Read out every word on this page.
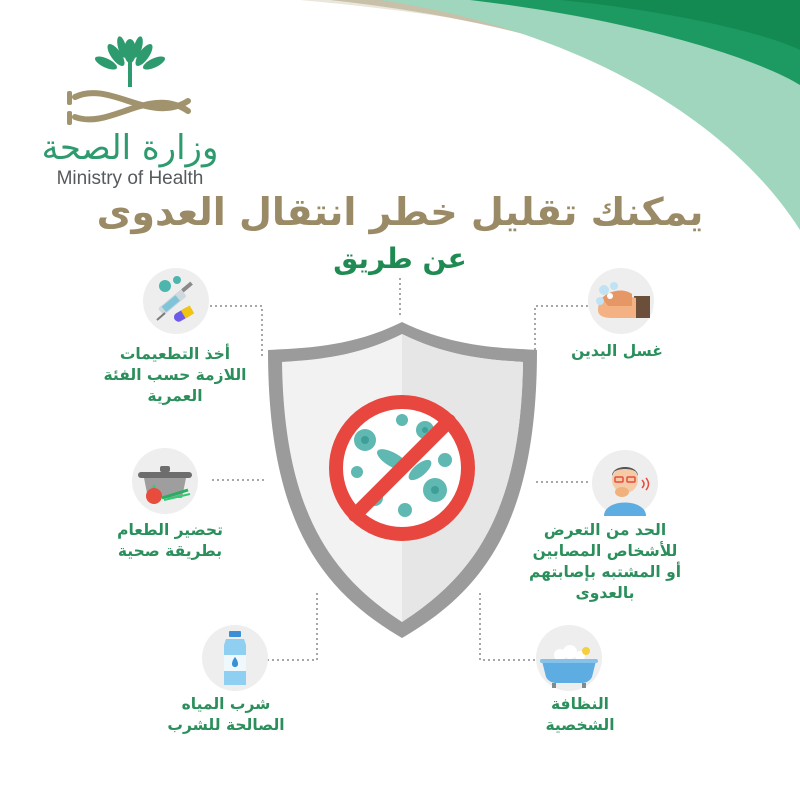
وزارة الصحة
Ministry of Health
يمكنك تقليل خطر انتقال العدوى
عن طريق
أخذ التطعيمات
اللازمة حسب الفئة
العمرية
غسل اليدين
تحضير الطعام
بطريقة صحية
الحد من التعرض
للأشخاص المصابين
أو المشتبه بإصابتهم
بالعدوى
شرب المياه
الصالحة للشرب
النظافة
الشخصية
